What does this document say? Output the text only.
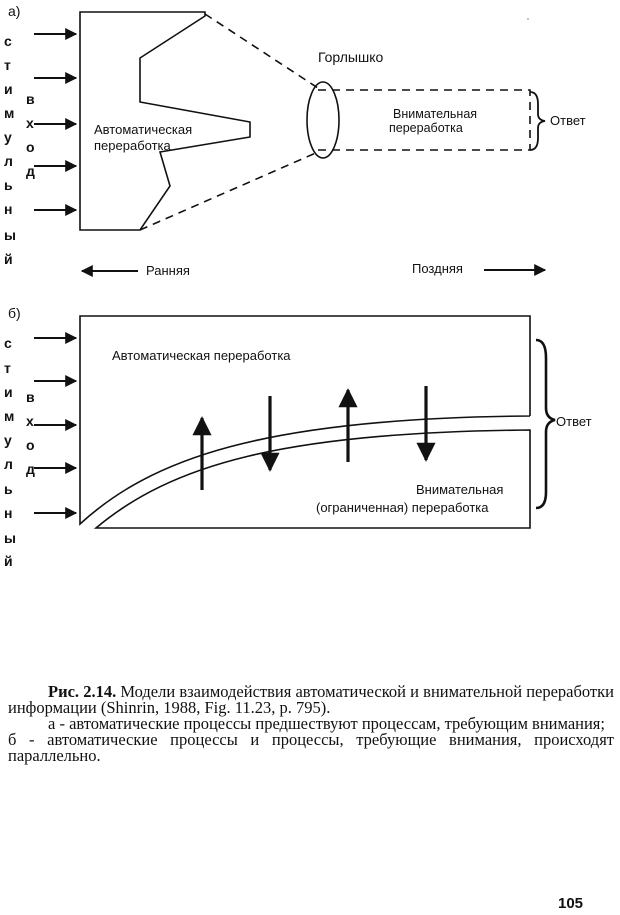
а)
с
т
и
м
у
л
ь
н
ы
й
в
х
о
д
Автоматическая
переработка
Горлышко
Внимательная
переработка	Ответ
Ранняя	Поздняя
б)
с
т
и
м
у
л
ь
н
ы
й
в
х
о
д
Автоматическая переработка
Внимательная
(ограниченная) переработка
Ответ

Рис. 2.14. Модели взаимодействия автоматической и внимательной переработки информации (Shinrin, 1988, Fig. 11.23, p. 795).

а - автоматические процессы предшествуют процессам, требующим внимания;

б - автоматические процессы и процессы, требующие внимания, происходят параллельно.

105
